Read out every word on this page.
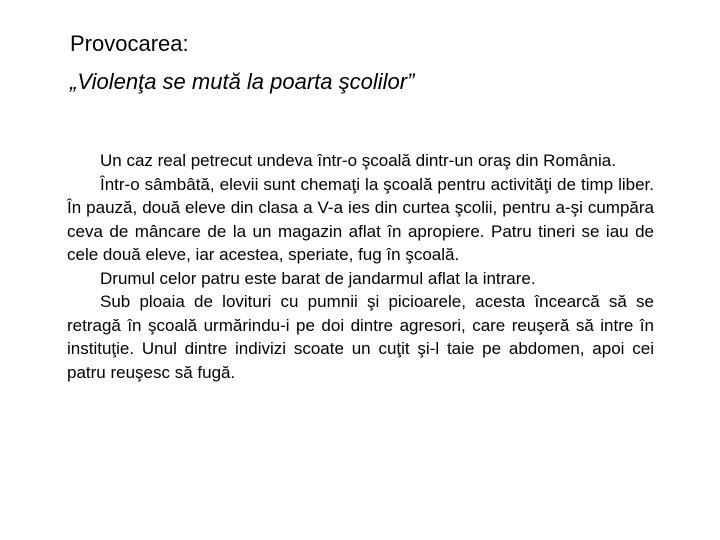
Provocarea:
„Violenţa se mută la poarta şcolilor”

Un caz real petrecut undeva într-o şcoală dintr-un oraş din România.

Într-o sâmbâtă, elevii sunt chemaţi la şcoală pentru activităţi de timp liber. În pauză, două eleve din clasa a V-a ies din curtea şcolii, pentru a-şi cumpăra ceva de mâncare de la un magazin aflat în apropiere. Patru tineri se iau de cele două eleve, iar acestea, speriate, fug în şcoală.

Drumul celor patru este barat de jandarmul aflat la intrare.

Sub ploaia de lovituri cu pumnii şi picioarele, acesta încearcă să se retragă în şcoală urmărindu-i pe doi dintre agresori, care reuşeră să intre în instituţie. Unul dintre indivizi scoate un cuţit şi-l taie pe abdomen, apoi cei patru reuşesc să fugă.
